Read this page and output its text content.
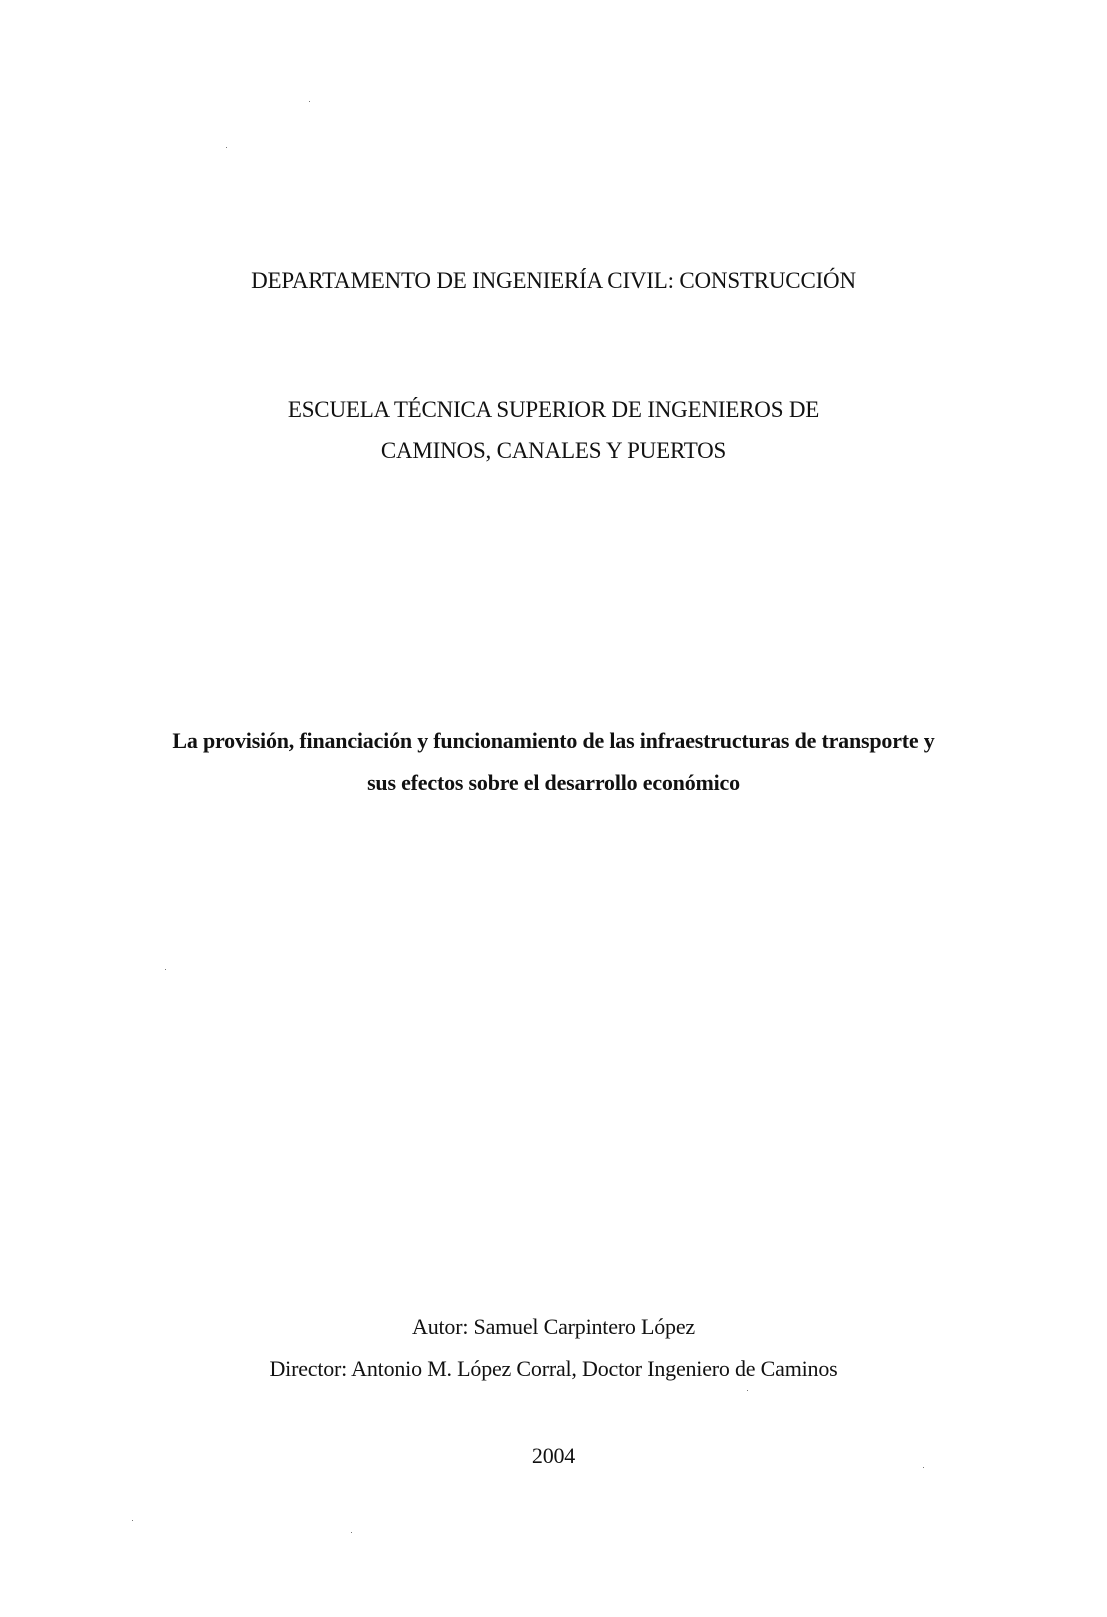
DEPARTAMENTO DE INGENIERÍA CIVIL: CONSTRUCCIÓN
ESCUELA TÉCNICA SUPERIOR DE INGENIEROS DE
CAMINOS, CANALES Y PUERTOS
La provisión, financiación y funcionamiento de las infraestructuras de transporte y
sus efectos sobre el desarrollo económico
Autor: Samuel Carpintero López
Director: Antonio M. López Corral, Doctor Ingeniero de Caminos
2004
